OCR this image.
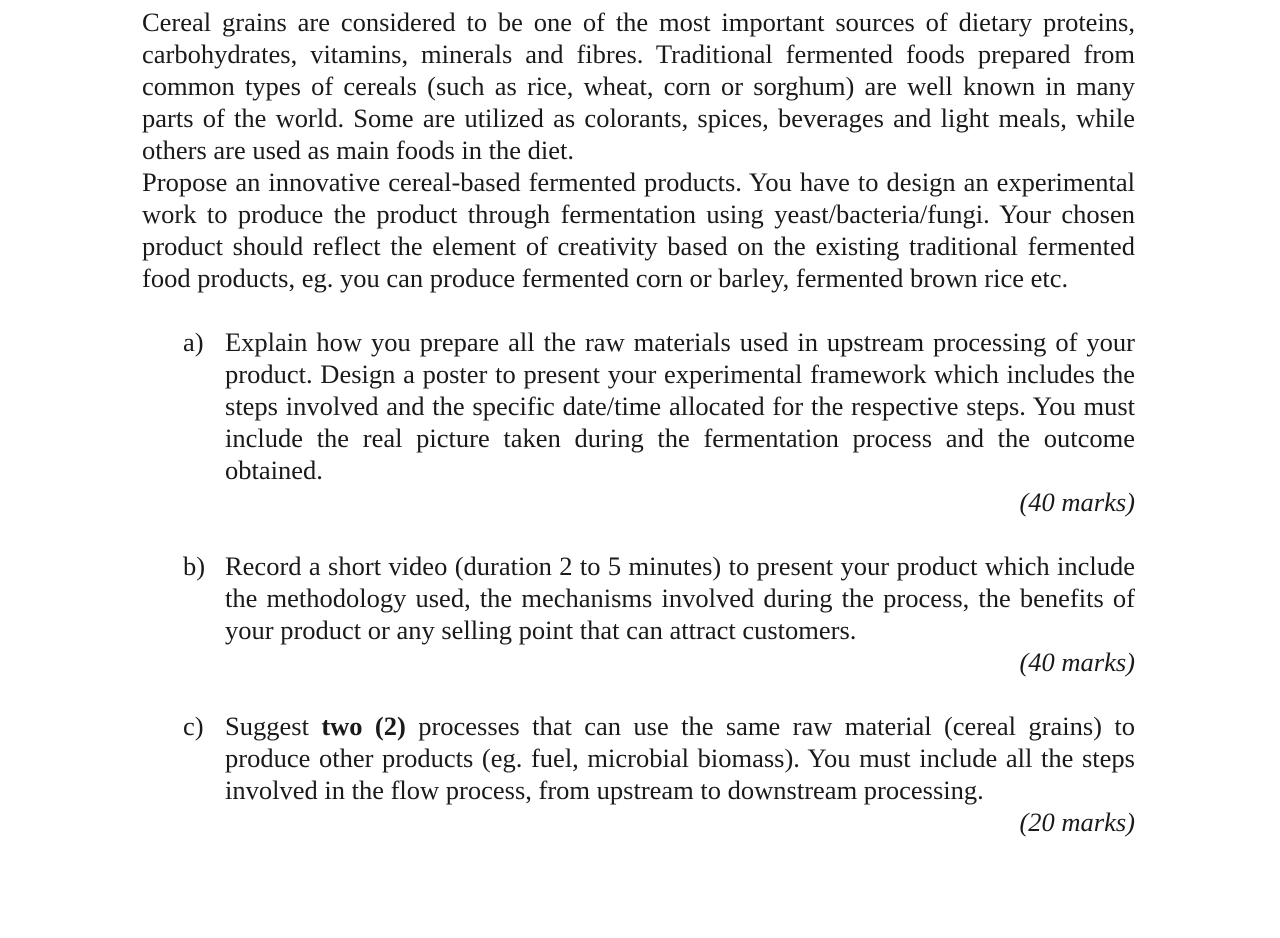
Cereal grains are considered to be one of the most important sources of dietary proteins, carbohydrates, vitamins, minerals and fibres. Traditional fermented foods prepared from common types of cereals (such as rice, wheat, corn or sorghum) are well known in many parts of the world. Some are utilized as colorants, spices, beverages and light meals, while others are used as main foods in the diet.

Propose an innovative cereal-based fermented products. You have to design an experimental work to produce the product through fermentation using yeast/bacteria/fungi. Your chosen product should reflect the element of creativity based on the existing traditional fermented food products, eg. you can produce fermented corn or barley, fermented brown rice etc.

a) Explain how you prepare all the raw materials used in upstream processing of your product. Design a poster to present your experimental framework which includes the steps involved and the specific date/time allocated for the respective steps. You must include the real picture taken during the fermentation process and the outcome obtained.
(40 marks)
b) Record a short video (duration 2 to 5 minutes) to present your product which include the methodology used, the mechanisms involved during the process, the benefits of your product or any selling point that can attract customers.
(40 marks)
c) Suggest two (2) processes that can use the same raw material (cereal grains) to produce other products (eg. fuel, microbial biomass). You must include all the steps involved in the flow process, from upstream to downstream processing.
(20 marks)
